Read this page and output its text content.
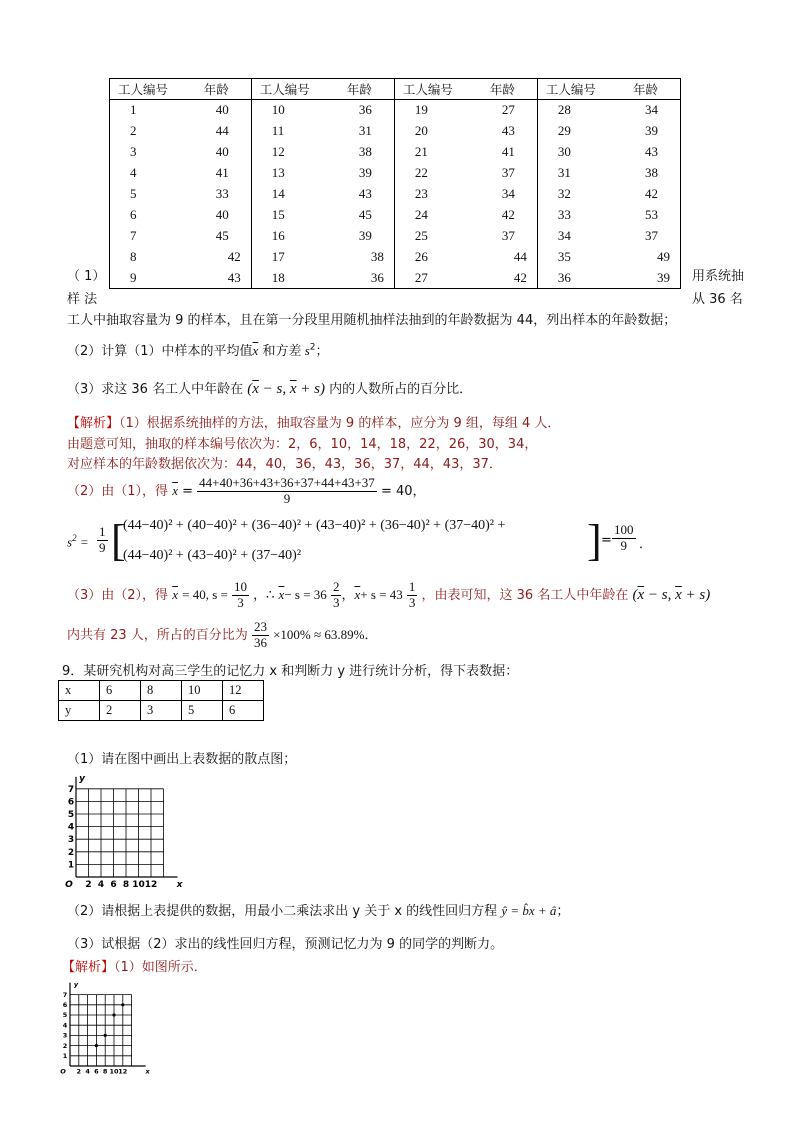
工人编号	年龄	工人编号	年龄	工人编号	年龄	工人编号	年龄
1	40	10	36	19	27	28	34
2	44	11	31	20	43	29	39
3	40	12	38	21	41	30	43
4	41	13	39	22	37	31	38
5	33	14	43	23	34	32	42
6	40	15	45	24	42	33	53
7	45	16	39	25	37	34	37
8	42	17	38	26	44	35	49
9	43	18	36	27	42	36	39
（ 1）	用系统抽
样 法	从 36 名
工人中抽取容量为 9 的样本，且在第一分段里用随机抽样法抽到的年龄数据为 44，列出样本的年龄数据；
（2）计算（1）中样本的平均值$\overline{x}$ 和方差 $s^2$；
（3）求这 36 名工人中年龄在 ($\overline{x} - s$, $\overline{x} + s$) 内的人数所占的百分比．
【解析】（1）根据系统抽样的方法，抽取容量为 9 的样本，应分为 9 组，每组 4 人．
由题意可知，抽取的样本编号依次为：2，6，10，14，18，22，26，30，34，
对应样本的年龄数据依次为：44，40，36，43，36，37，44，43，37．
（2）由（1），得 $\overline{x} = \frac{44+40+36+43+36+37+44+43+37}{9} = 40$，
$s^2 = \frac{1}{9}$ [
(44−40)² + (40−40)² + (36−40)² + (43−40)² + (36−40)² + (37−40)² +
(44−40)² + (43−40)² + (37−40)²	] = $\frac{100}{9}$ ．
（3）由（2），得 $\overline{x} = 40$, $s = \frac{10}{3}$ ，∴ $\overline{x}- s = 36 \frac{2}{3}$ ，$\overline{x}+ s = 43 \frac{1}{3}$ ，由表可知，这 36 名工人中年龄在 ($\overline{x} - s$, $\overline{x} + s$)
内共有 23 人，所占的百分比为 $\frac{23}{36} \times 100\% \approx 63.89\%$．
9．某研究机构对高三学生的记忆力 x 和判断力 y 进行统计分析，得下表数据：
x	6	8	10	12
y	2	3	5	6
（1）请在图中画出上表数据的散点图；
2 4 6 8 10 12
1
2
3
4
5
6
7
O	x
y
（2）请根据上表提供的数据，用最小二乘法求出 y 关于 x 的线性回归方程 ŷ = b̂x + â；
（3）试根据（2）求出的线性回归方程，预测记忆力为 9 的同学的判断力。
【解析】（1）如图所示．
2 4 6 8 10 12
1
2
3
4
5
6
7
O	x
y
